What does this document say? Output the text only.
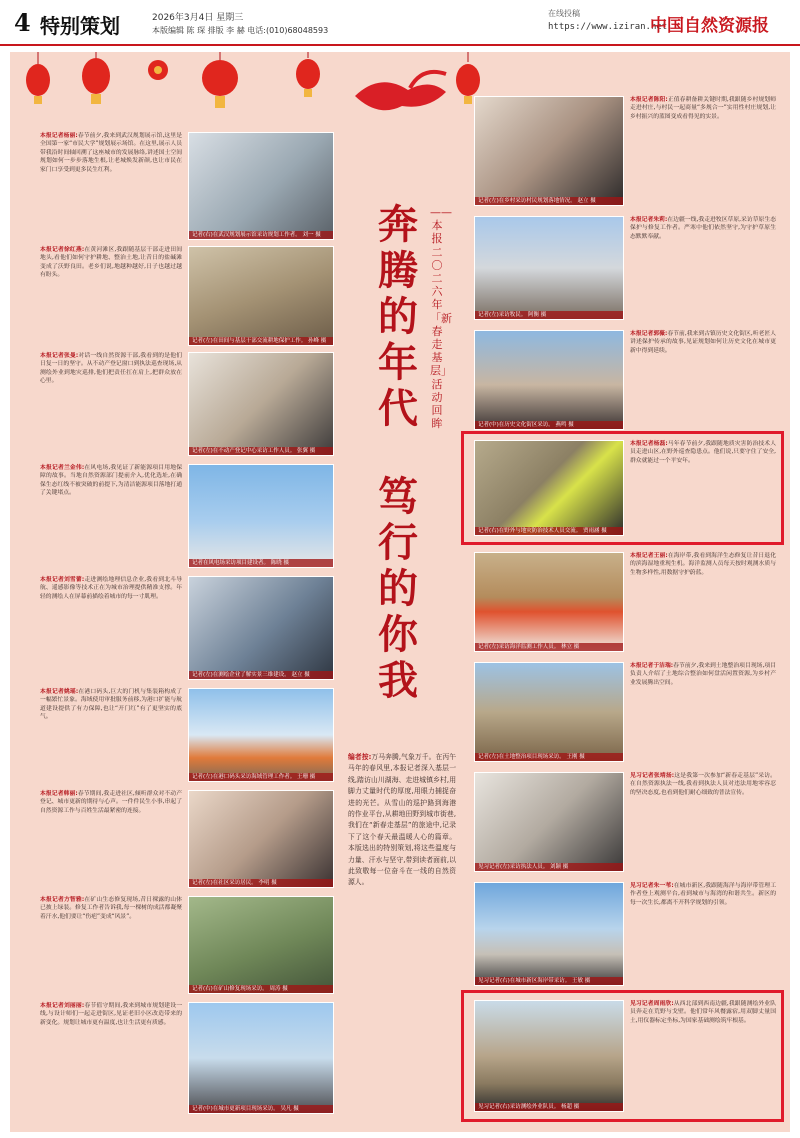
4 特别策划	2026年3月4日 星期三
本版编辑 陈 琛 排版 李 赫 电话:(010)68048593
在线投稿
https://www.iziran.net
中国自然资源报
奔腾的年代
笃行的你我
——本报二〇二六年「新春走基层」活动回眸

编者按:万马奔腾,气象万千。在丙午马年的春风里,本报记者深入基层一线,踏访山川湖海、走进城镇乡村,用脚力丈量时代的厚度,用眼力捕捉奋进的光芒。从雪山的巡护路到海港的作业平台,从耕地田野到城市街巷,我们在“新春走基层”的旅途中,记录下了这个春天最温暖人心的篇章。本版选出的特别策划,将这些温度与力量、汗水与坚守,带到读者面前,以此致敬每一位奋斗在一线的自然资源人。

本报记者杨丽:春节前夕,我来到武汉规划展示馆,这里是全国第一家“市民大学”规划展示场馆。在这里,展示人员带我沿时间轴回溯了这座城市的发展脉络,讲述国土空间规划如何一步步落地生根,让老城焕发新颜,也让市民在家门口享受到更多民生红利。

记者(右)在武汉规划展示馆采访规划工作者。 刘一 摄

本报记者徐红燕:在黄河滩区,我跟随基层干部走进田间地头,看他们如何守护耕地、整治土地,让昔日的盐碱滩变成了沃野良田。老乡们说,地越种越好,日子也越过越有盼头。

记者(左)在田间与基层干部交流耕地保护工作。 孙峰 摄

本报记者张曼:对话一线自然资源干部,我看到的是他们日复一日的坚守。从不动产登记窗口到执法巡查现场,从测绘外业到地灾巡排,他们把责任扛在肩上,把群众放在心里。

记者(左)在不动产登记中心采访工作人员。 张翼 摄

本报记者兰金伟:在风电场,我见证了新能源项目用地保障的故事。当地自然资源部门提前介入,优化选址,在确保生态红线不被突破的前提下,为清洁能源项目落地打通了关键堵点。

记者在风电场采访项目建设者。 陈晓 摄

本报记者刘雪蕾:走进测绘地理信息企业,我看到北斗导航、遥感影像等技术正在为城市治理提供精准支撑。年轻的测绘人在屏幕前描绘着城市的每一寸肌理。

记者(左)在测绘企业了解实景三维建设。 赵立 摄

本报记者姚瑶:在港口码头,巨大的门机与集装箱构成了一幅繁忙景象。海域使用审批服务前移,为港口扩能与航道建设提供了有力保障,也让“开门红”有了更坚实的底气。

记者(左)在港口码头采访海域管理工作者。 王珊 摄

本报记者韩丽:春节期间,我走进社区,倾听群众对不动产登记、城市更新的期待与心声。一件件民生小事,串起了自然资源工作与百姓生活最紧密的连接。

记者(左)在社区采访居民。 李明 摄

本报记者方智雅:在矿山生态修复现场,昔日裸露的山体已披上绿装。修复工作者告诉我,每一棵树的成活都凝聚着汗水,他们要让“伤疤”变成“风景”。

记者(右)在矿山修复现场采访。 周涛 摄

本报记者刘丽丽:春节值守期间,我来到城市规划建设一线,与设计师们一起走进街区,见证老旧小区改造带来的新变化。规划让城市更有温度,也让生活更有质感。

记者(中)在城市更新项目现场采访。 吴凡 摄
记者(左)在乡村采访村民规划落地情况。 赵立 摄

本报记者陈阳:正值春耕备耕关键时期,我跟随乡村规划师走进村庄,与村民一起商量“多规合一”实用性村庄规划,让乡村振兴的蓝图变成看得见的实景。

记者(左)采访牧民。 阿衡 摄

本报记者朱莉:在边疆一线,我走进牧区草原,采访草原生态保护与修复工作者。严寒中他们依然坚守,为守护草原生态默默奉献。

记者(中)在历史文化街区采访。 燕鸣 摄

本报记者郭薇:春节前,我来到古镇历史文化街区,听老匠人讲述保护传承的故事,见证规划如何让历史文化在城市更新中得到延续。

记者(右)在野外与地灾防治技术人员交流。 贾雨涵 摄

本报记者杨磊:马年春节前夕,我跟随地质灾害防治技术人员走进山区,在野外巡查隐患点。他们说,只要守住了安全,群众就能过一个平安年。

记者(左)采访海洋监测工作人员。 林立 摄

本报记者王丽:在海岸带,我看到海洋生态修复让昔日退化的滨海湿地重现生机。海洋监测人员每天按时观测水质与生物多样性,用数据守护蔚蓝。

记者(左)在土地整治项目现场采访。 王刚 摄

本报记者于洁瑞:春节前夕,我来到土地整治项目现场,项目负责人介绍了土地综合整治如何盘活闲置资源,为乡村产业发展腾出空间。

见习记者(左)采访执法人员。 刘颖 摄

见习记者张靖扬:这是我第一次参加“新春走基层”采访。在自然资源执法一线,我看到执法人员对违法用地零容忍的坚决态度,也看到他们耐心细致的普法宣传。

见习记者(右)在城市新区海岸带采访。 王敏 摄

见习记者朱一苇:在城市新区,我跟随海洋与海岸带管理工作者登上观测平台,看到城市与海湾的和谐共生。新区的每一次生长,都离不开科学规划的引领。

见习记者(右)采访测绘外业队员。 杨超 摄

见习记者周雨欣:从西北部到西南边疆,我跟随测绘外业队员奔走在荒野与戈壁。他们常年风餐露宿,用双脚丈量国土,用仪器标定坐标,为国家基础测绘筑牢根基。
